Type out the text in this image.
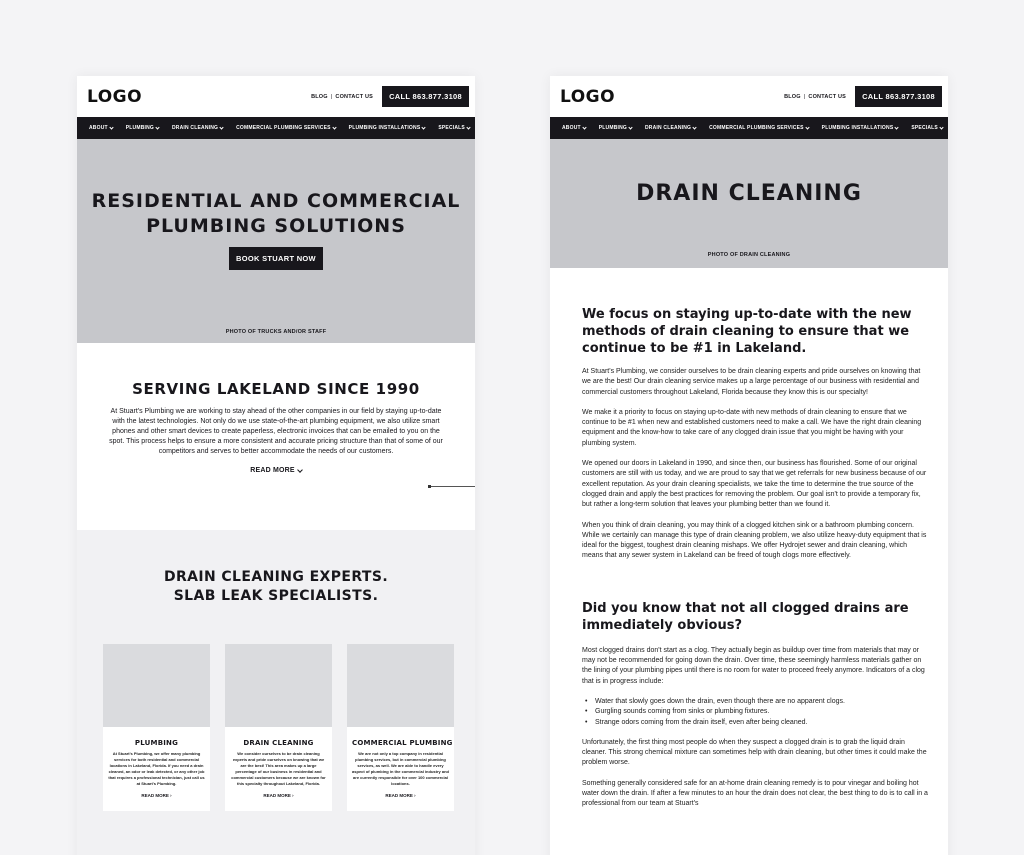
LOGO	BLOG | CONTACT US	CALL 863.877.3108
ABOUT	PLUMBING	DRAIN CLEANING	COMMERCIAL PLUMBING SERVICES	PLUMBING INSTALLATIONS	SPECIALS
RESIDENTIAL AND COMMERCIAL
PLUMBING SOLUTIONS
BOOK STUART NOW
PHOTO OF TRUCKS AND/OR STAFF
SERVING LAKELAND SINCE 1990

At Stuart's Plumbing we are working to stay ahead of the other companies in our field by staying up-to-date with the latest technologies. Not only do we use state-of-the-art plumbing equipment, we also utilize smart phones and other smart devices to create paperless, electronic invoices that can be emailed to you on the spot. This process helps to ensure a more consistent and accurate pricing structure than that of some of our competitors and serves to better accommodate the needs of our customers.

READ MORE
DRAIN CLEANING EXPERTS.
SLAB LEAK SPECIALISTS.
PLUMBING
At Stuart's Plumbing, we offer many plumbing services for both residential and commercial locations in Lakeland, Florida. If you need a drain cleaned, an odor or leak detected, or any other job that requires a professional technician, just call us at Stuart's Plumbing.
READ MORE ›
DRAIN CLEANING
We consider ourselves to be drain cleaning experts and pride ourselves on knowing that we are the best! This area makes up a large percentage of our business in residential and commercial customers because we are known for this specialty throughout Lakeland, Florida.
READ MORE ›
COMMERCIAL PLUMBING
We are not only a top company in residential plumbing services, but in commercial plumbing services, as well. We are able to handle every aspect of plumbing in the commercial industry and are currently responsible for over 100 commercial locations.
READ MORE ›
LOGO	BLOG | CONTACT US	CALL 863.877.3108
ABOUT	PLUMBING	DRAIN CLEANING	COMMERCIAL PLUMBING SERVICES	PLUMBING INSTALLATIONS	SPECIALS
DRAIN CLEANING
PHOTO OF DRAIN CLEANING
We focus on staying up-to-date with the new methods of drain cleaning to ensure that we continue to be #1 in Lakeland.

At Stuart's Plumbing, we consider ourselves to be drain cleaning experts and pride ourselves on knowing that we are the best! Our drain cleaning service makes up a large percentage of our business with residential and commercial customers throughout Lakeland, Florida because they know this is our specialty!

We make it a priority to focus on staying up-to-date with new methods of drain cleaning to ensure that we continue to be #1 when new and established customers need to make a call. We have the right drain cleaning equipment and the know-how to take care of any clogged drain issue that you might be having with your plumbing system.

We opened our doors in Lakeland in 1990, and since then, our business has flourished. Some of our original customers are still with us today, and we are proud to say that we get referrals for new business because of our excellent reputation. As your drain cleaning specialists, we take the time to determine the true source of the clogged drain and apply the best practices for removing the problem. Our goal isn't to provide a temporary fix, but rather a long-term solution that leaves your plumbing better than we found it.

When you think of drain cleaning, you may think of a clogged kitchen sink or a bathroom plumbing concern. While we certainly can manage this type of drain cleaning problem, we also utilize heavy-duty equipment that is ideal for the biggest, toughest drain cleaning mishaps. We offer Hydrojet sewer and drain cleaning, which means that any sewer system in Lakeland can be freed of tough clogs more effectively.

Did you know that not all clogged drains are immediately obvious?

Most clogged drains don't start as a clog. They actually begin as buildup over time from materials that may or may not be recommended for going down the drain. Over time, these seemingly harmless materials gather on the lining of your plumbing pipes until there is no room for water to proceed freely anymore. Indicators of a clog that is in progress include:

• Water that slowly goes down the drain, even though there are no apparent clogs.
• Gurgling sounds coming from sinks or plumbing fixtures.
• Strange odors coming from the drain itself, even after being cleaned.

Unfortunately, the first thing most people do when they suspect a clogged drain is to grab the liquid drain cleaner. This strong chemical mixture can sometimes help with drain cleaning, but other times it could make the problem worse.

Something generally considered safe for an at-home drain cleaning remedy is to pour vinegar and boiling hot water down the drain. If after a few minutes to an hour the drain does not clear, the best thing to do is to call in a professional from our team at Stuart's
